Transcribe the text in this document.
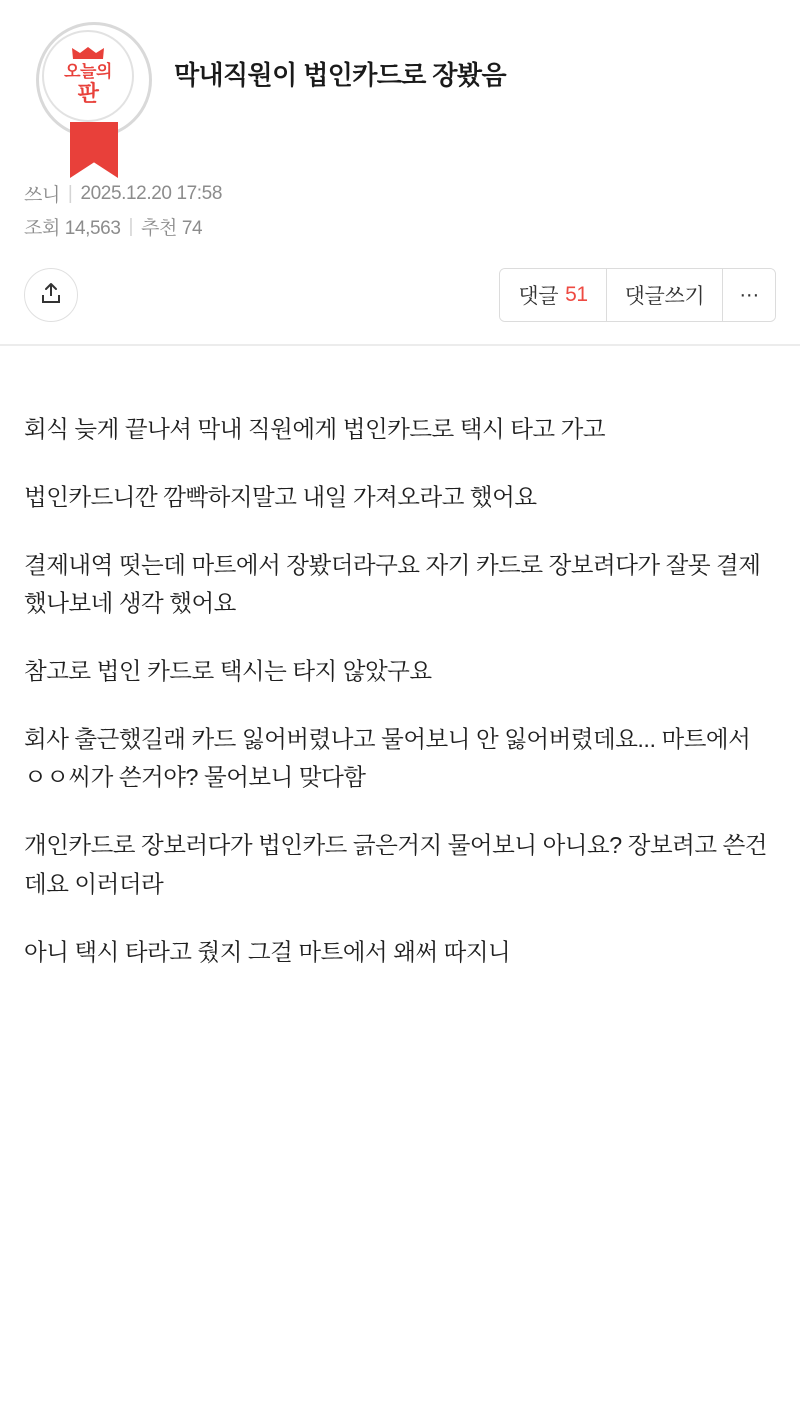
오늘의
판
막내직원이 법인카드로 장봤음
쓰니 | 2025.12.20 17:58
조회 14,563 | 추천 74
댓글 51 댓글쓰기 ···

회식 늦게 끝나셔 막내 직원에게 법인카드로 택시 타고 가고

법인카드니깐 깜빡하지말고 내일 가져오라고 했어요

결제내역 떳는데 마트에서 장봤더라구요 자기 카드로 장보려다가 잘못 결제 했나보네 생각 했어요

참고로 법인 카드로 택시는 타지 않았구요

회사 출근했길래 카드 잃어버렸나고 물어보니 안 잃어버렸데요... 마트에서 ㅇㅇ씨가 쓴거야? 물어보니 맞다함

개인카드로 장보러다가 법인카드 긁은거지 물어보니 아니요? 장보려고 쓴건데요 이러더라

아니 택시 타라고 줬지 그걸 마트에서 왜써 따지니
